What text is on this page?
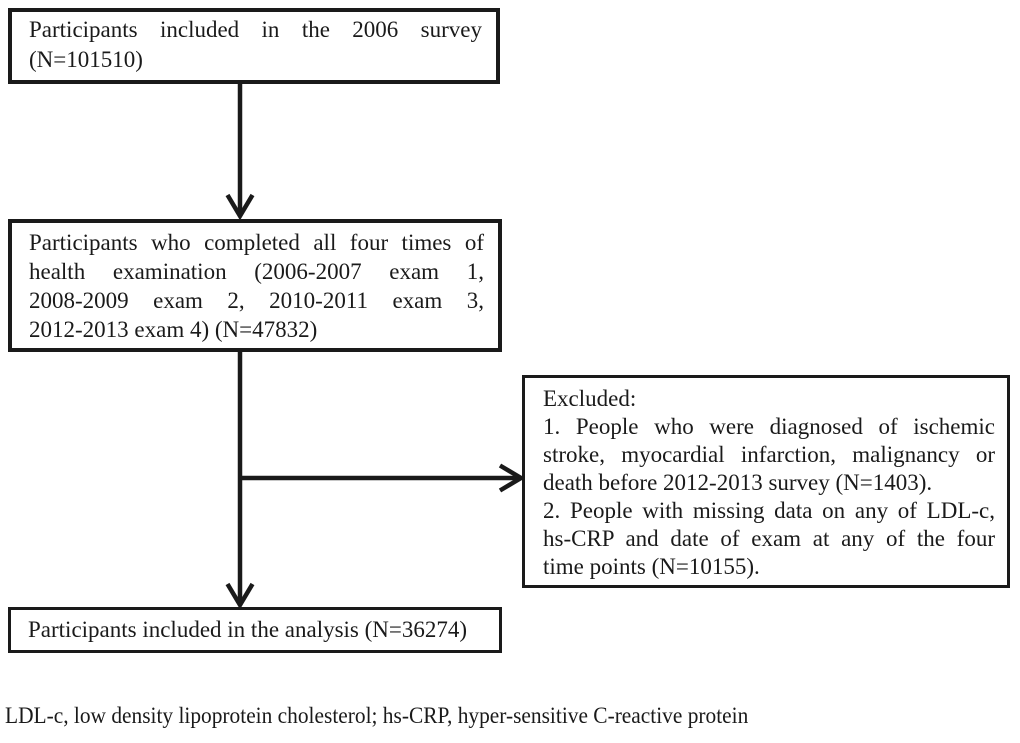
Participants included in the 2006 survey
(N=101510)
Participants who completed all four times of
health examination (2006-2007 exam 1,
2008-2009 exam 2, 2010-2011 exam 3,
2012-2013 exam 4) (N=47832)
Excluded:
1. People who were diagnosed of ischemic
stroke, myocardial infarction, malignancy or
death before 2012-2013 survey (N=1403).
2. People with missing data on any of LDL-c,
hs-CRP and date of exam at any of the four
time points (N=10155).
Participants included in the analysis (N=36274)
LDL-c, low density lipoprotein cholesterol; hs-CRP, hyper-sensitive C-reactive protein
